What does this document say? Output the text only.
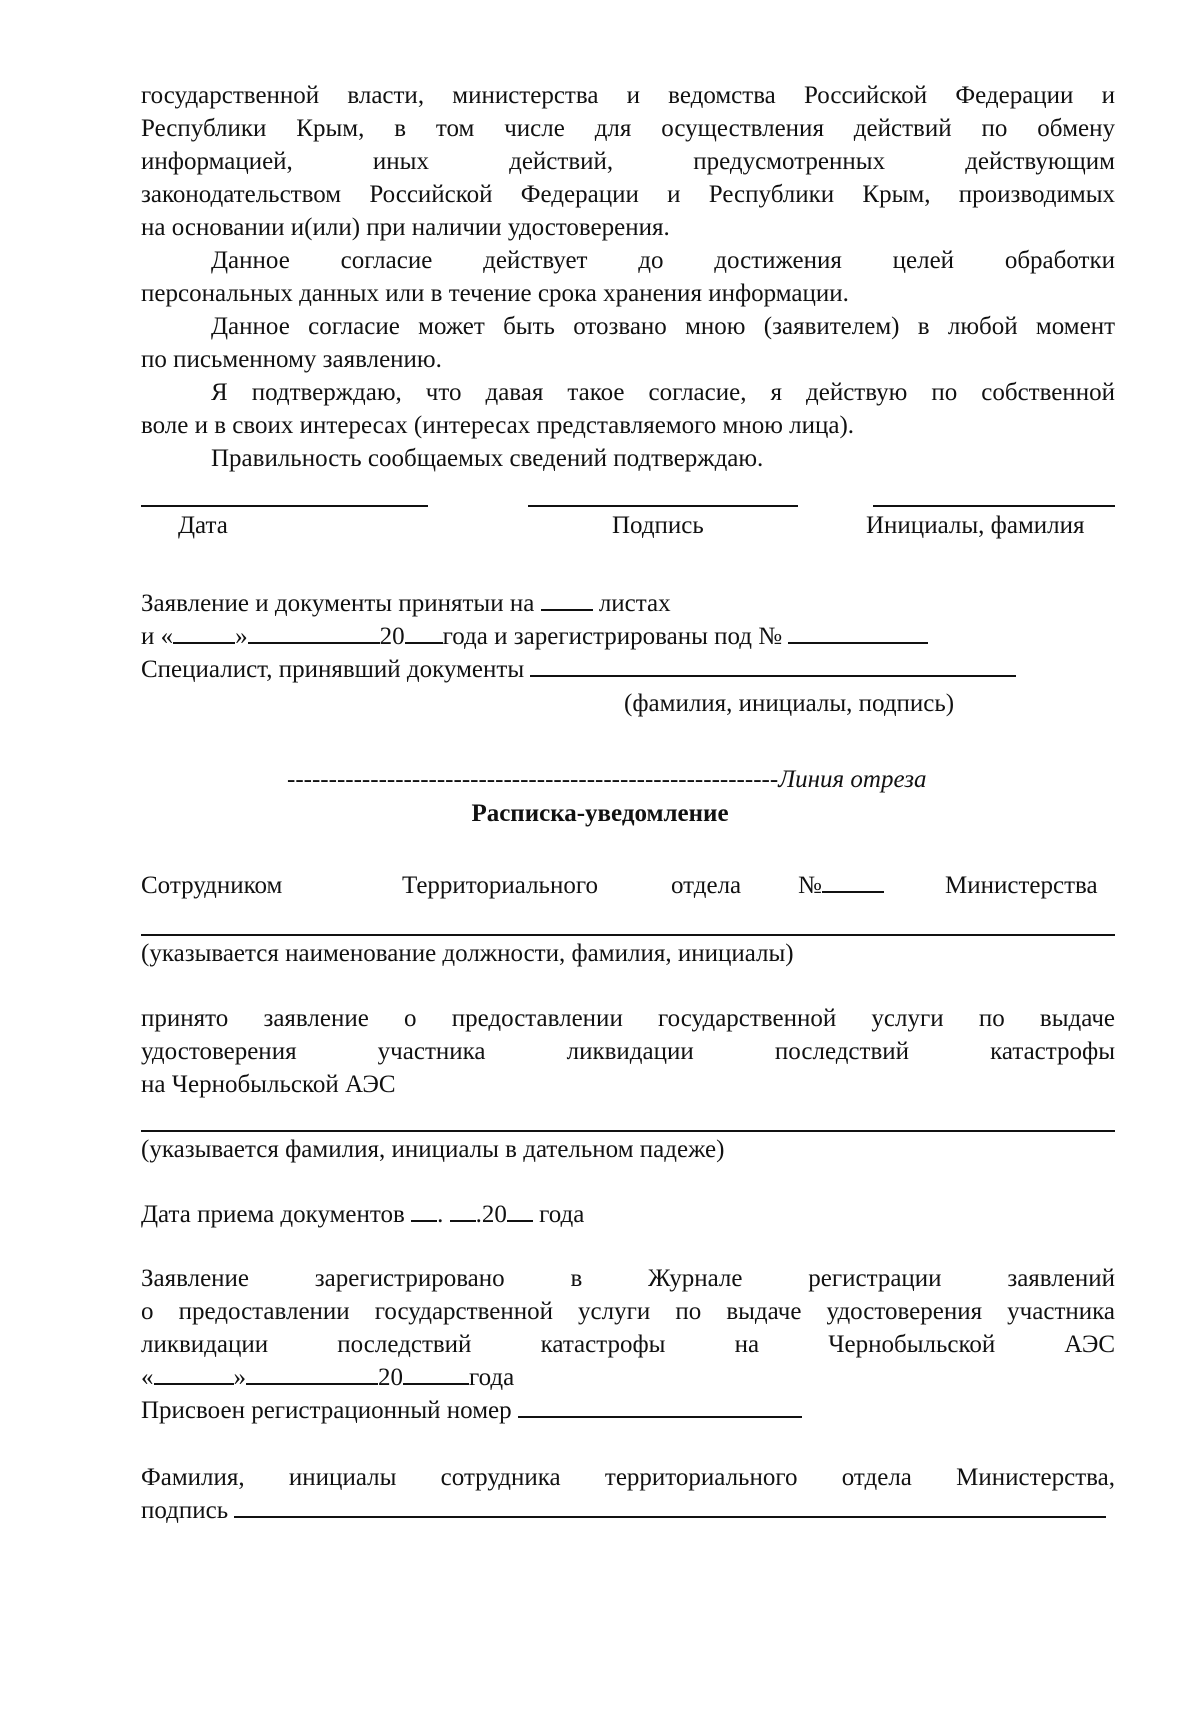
государственной власти, министерства и ведомства Российской Федерации и

Республики Крым, в том числе для осуществления действий по обмену

информацией, иных действий, предусмотренных действующим

законодательством Российской Федерации и Республики Крым, производимых

на основании и(или) при наличии удостоверения.

Данное согласие действует до достижения целей обработки

персональных данных или в течение срока хранения информации.

Данное согласие может быть отозвано мною (заявителем) в любой момент

по письменному заявлению.

Я подтверждаю, что давая такое согласие, я действую по собственной

воле и в своих интересах (интересах представляемого мною лица).

Правильность сообщаемых сведений подтверждаю.

Дата	Подпись	Инициалы, фамилия

Заявление и документы принятыи на	листах

и « »	20 года и зарегистрированы под №

Специалист, принявший документы

(фамилия, инициалы, подпись)

-----------------------------------------------------------Линия отреза

Расписка-уведомление

Сотрудником	Территориального	отдела №	Министерства

(указывается наименование должности, фамилия, инициалы)

принято заявление о предоставлении государственной услуги по выдаче

удостоверения участника ликвидации последствий катастрофы

на Чернобыльской АЭС

(указывается фамилия, инициалы в дательном падеже)

Дата приема документов . .20 года

Заявление зарегистрировано в Журнале регистрации заявлений

о предоставлении государственной услуги по выдаче удостоверения участника

ликвидации последствий катастрофы на Чернобыльской АЭС

«	»	20	года

Присвоен регистрационный номер

Фамилия, инициалы сотрудника территориального отдела Министерства,

подпись
